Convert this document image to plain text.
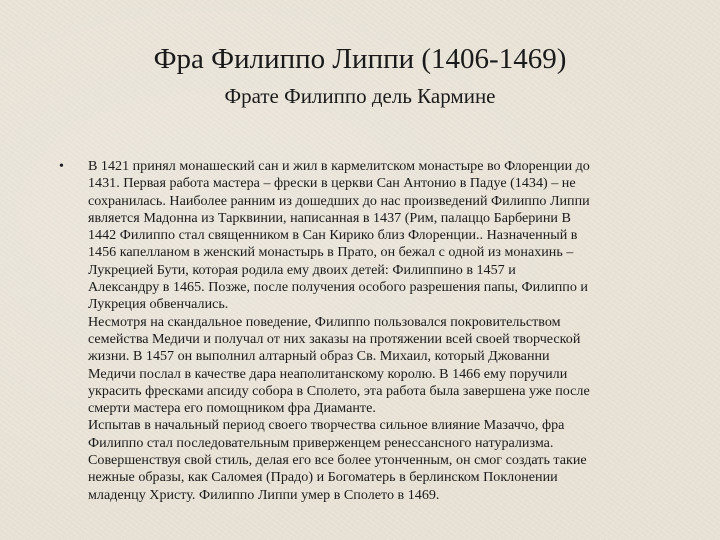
Фра Филиппо Липпи (1406-1469)
Фрате Филиппо дель Кармине
• В 1421 принял монашеский сан и жил в кармелитском монастыре во Флоренции до
1431. Первая работа мастера – фрески в церкви Сан Антонио в Падуе (1434) – не
сохранилась. Наиболее ранним из дошедших до нас произведений Филиппо Липпи
является Мадонна из Тарквинии, написанная в 1437 (Рим, палаццо Барберини В
1442 Филиппо стал священником в Сан Кирико близ Флоренции.. Назначенный в
1456 капелланом в женский монастырь в Прато, он бежал с одной из монахинь –
Лукрецией Бути, которая родила ему двоих детей: Филиппино в 1457 и
Александру в 1465. Позже, после получения особого разрешения папы, Филиппо и
Лукреция обвенчались.
Несмотря на скандальное поведение, Филиппо пользовался покровительством
семейства Медичи и получал от них заказы на протяжении всей своей творческой
жизни. В 1457 он выполнил алтарный образ Св. Михаил, который Джованни
Медичи послал в качестве дара неаполитанскому королю. В 1466 ему поручили
украсить фресками апсиду собора в Сполето, эта работа была завершена уже после
смерти мастера его помощником фра Диаманте.
Испытав в начальный период своего творчества сильное влияние Мазаччо, фра
Филиппо стал последовательным приверженцем ренессансного натурализма.
Совершенствуя свой стиль, делая его все более утонченным, он смог создать такие
нежные образы, как Саломея (Прадо) и Богоматерь в берлинском Поклонении
младенцу Христу. Филиппо Липпи умер в Сполето в 1469.
